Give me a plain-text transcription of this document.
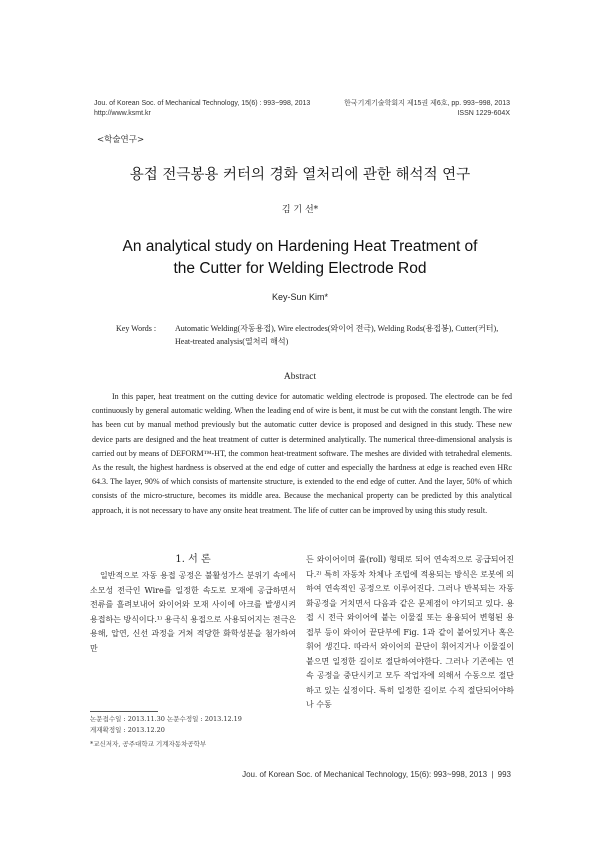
Jou. of Korean Soc. of Mechanical Technology, 15(6) : 993~998, 2013
http://www.ksmt.kr
한국기계기술학회지 제15권 제6호, pp. 993~998, 2013
ISSN 1229-604X
<학술연구>
용접 전극봉용 커터의 경화 열처리에 관한 해석적 연구
김 기 선*
An analytical study on Hardening Heat Treatment of
the Cutter for Welding Electrode Rod
Key-Sun Kim*
Key Words : Automatic Welding(자동용접), Wire electrodes(와이어 전극), Welding Rods(용접봉), Cutter(커터),
Heat-treated analysis(열처리 해석)
Abstract

In this paper, heat treatment on the cutting device for automatic welding electrode is proposed. The electrode can be fed continuously by general automatic welding. When the leading end of wire is bent, it must be cut with the constant length. The wire has been cut by manual method previously but the automatic cutter device is proposed and designed in this study. These new device parts are designed and the heat treatment of cutter is determined analytically. The numerical three-dimensional analysis is carried out by means of DEFORM™-HT, the common heat-treatment software. The meshes are divided with tetrahedral elements. As the result, the highest hardness is observed at the end edge of cutter and especially the hardness at edge is reached even HRc 64.3. The layer, 90% of which consists of martensite structure, is extended to the end edge of cutter. And the layer, 50% of which consists of the micro-structure, becomes its middle area. Because the mechanical property can be predicted by this analytical approach, it is not necessary to have any onsite heat treatment. The life of cutter can be improved by using this study result.

1. 서 론

일반적으로 자동 용접 공정은 불활성가스 분위기 속에서 소모성 전극인 Wire를 일정한 속도로 모재에 공급하면서 전류를 흘려보내어 와이어와 모재 사이에 아크를 발생시켜 용접하는 방식이다.¹⁾ 용극식 용접으로 사용되어지는 전극은 용해, 압연, 신선 과정을 거쳐 적당한 화학성분을 첨가하여 만

든 와이어이며 롤(roll) 형태로 되어 연속적으로 공급되어진다.²⁾ 특히 자동차 차체나 조립에 적용되는 방식은 로봇에 의하여 연속적인 공정으로 이루어진다. 그러나 반복되는 자동화공정을 거치면서 다음과 같은 문제점이 야기되고 있다. 용접 시 전극 와이어에 붙는 이물질 또는 용융되어 변형된 용접부 등이 와이어 끝단부에 Fig. 1과 같이 붙어있거나 혹은 휘어 생긴다. 따라서 와이어의 끝단이 휘어지거나 이물질이 붙으면 일정한 길이로 절단하여야한다. 그러나 기존에는 연속 공정을 중단시키고 모두 작업자에 의해서 수동으로 절단하고 있는 실정이다. 특히 일정한 길이로 수직 절단되어야하나 수동

논문접수일 : 2013.11.30 논문수정일 : 2013.12.19
게재확정일 : 2013.12.20
*교신저자, 공주대학교 기계자동차공학부
Jou. of Korean Soc. of Mechanical Technology, 15(6): 993~998, 2013 | 993
